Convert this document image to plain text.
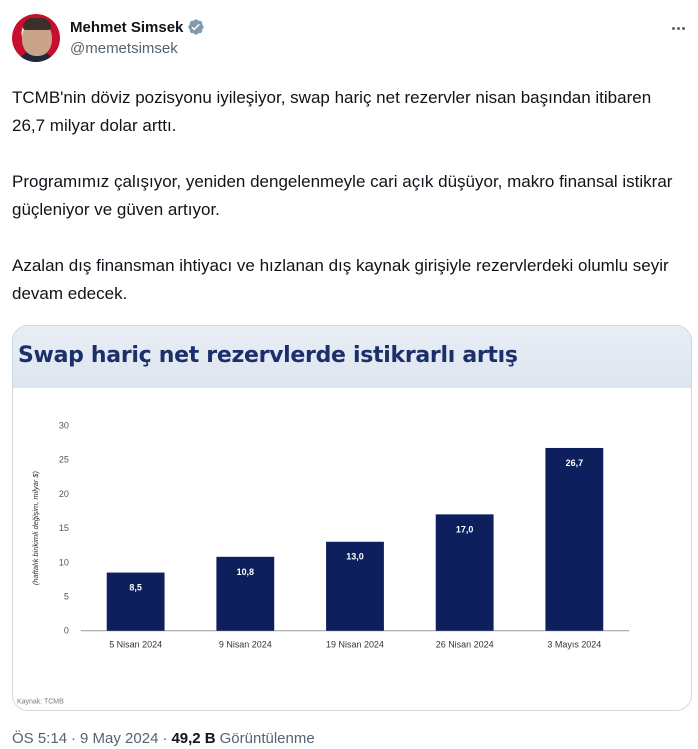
Mehmet Simsek
@memetsimsek

TCMB'nin döviz pozisyonu iyileşiyor, swap hariç net rezervler nisan başından itibaren 26,7 milyar dolar arttı.

Programımız çalışıyor, yeniden dengelenmeyle cari açık düşüyor, makro finansal istikrar güçleniyor ve güven artıyor.

Azalan dış finansman ihtiyacı ve hızlanan dış kaynak girişiyle rezervlerdeki olumlu seyir devam edecek.

Swap hariç net rezervlerde istikrarlı artış
0
5
10
15
20
25
30
(haftalık birikimli değişim, milyar $)
8,5
5 Nisan 2024
10,8
9 Nisan 2024
13,0
19 Nisan 2024
17,0
26 Nisan 2024
26,7
3 Mayıs 2024
Kaynak: TCMB
ÖS 5:14 · 9 May 2024 · 49,2 B Görüntülenme
